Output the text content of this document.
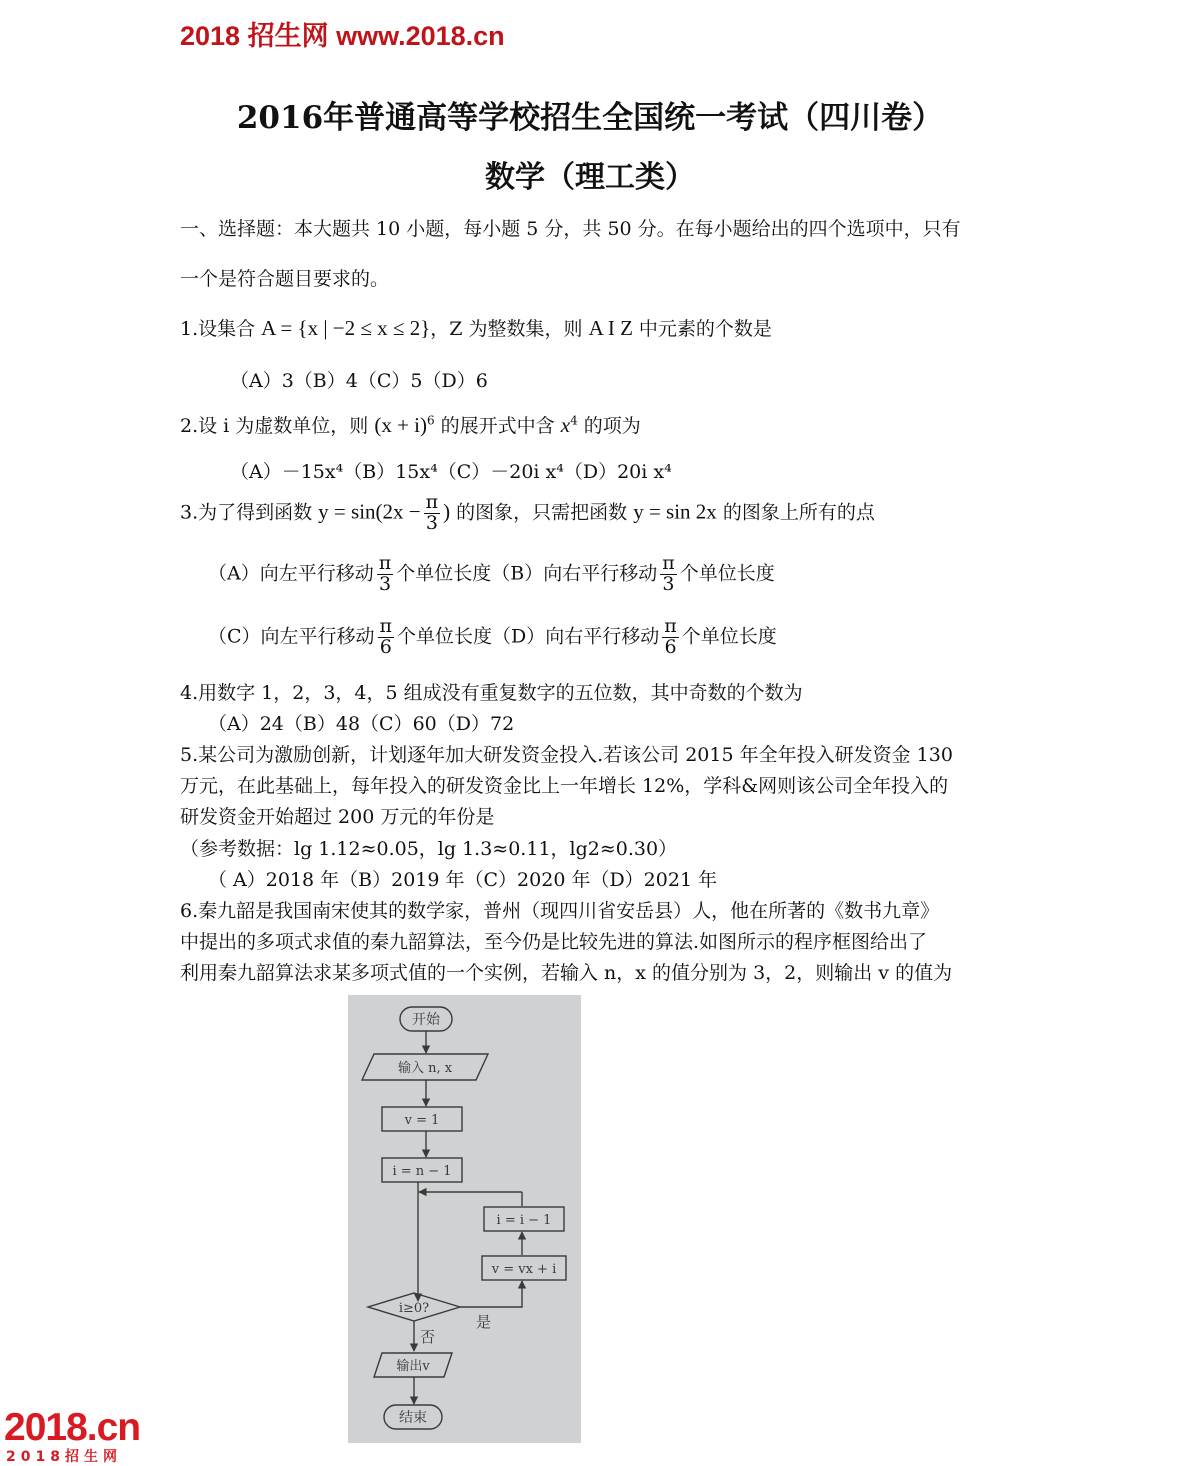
2018 招生网 www.2018.cn
2016年普通高等学校招生全国统一考试（四川卷）
数学（理工类）
一、选择题：本大题共 10 小题，每小题 5 分，共 50 分。在每小题给出的四个选项中，只有
一个是符合题目要求的。
1.设集合 A = {x | −2 ≤ x ≤ 2}，Z 为整数集，则 A I Z 中元素的个数是
（A）3（B）4（C）5（D）6
2.设 i 为虚数单位，则 $(x + i)^6$ 的展开式中含 $x^4$ 的项为
（A）－15x⁴（B）15x⁴（C）－20i x⁴（D）20i x⁴
3.为了得到函数 $y = \sin(2x - \frac{\pi}{3}$ ) 的图象，只需把函数 y = sin 2x 的图象上所有的点
（A）向左平行移动 $\frac{\pi}{3}$ 个单位长度（B）向右平行移动 $\frac{\pi}{3}$ 个单位长度
（C）向左平行移动 $\frac{\pi}{6}$ 个单位长度（D）向右平行移动 $\frac{\pi}{6}$ 个单位长度
4.用数字 1，2，3，4，5 组成没有重复数字的五位数，其中奇数的个数为
（A）24（B）48（C）60（D）72
5.某公司为激励创新，计划逐年加大研发资金投入.若该公司 2015 年全年投入研发资金 130
万元，在此基础上，每年投入的研发资金比上一年增长 12%，学科&网则该公司全年投入的
研发资金开始超过 200 万元的年份是
（参考数据：lg 1.12≈0.05，lg 1.3≈0.11，lg2≈0.30）
（ A）2018 年（B）2019 年（C）2020 年（D）2021 年
6.秦九韶是我国南宋使其的数学家，普州（现四川省安岳县）人，他在所著的《数书九章》
中提出的多项式求值的秦九韶算法，至今仍是比较先进的算法.如图所示的程序框图给出了
利用秦九韶算法求某多项式值的一个实例，若输入 n，x 的值分别为 3，2，则输出 v 的值为
开始
输入 n, x
v = 1
i = n − 1
i = i − 1
v = vx + i
i≥0?
是
否
输出v
结束
2018.cn
2018招生网
